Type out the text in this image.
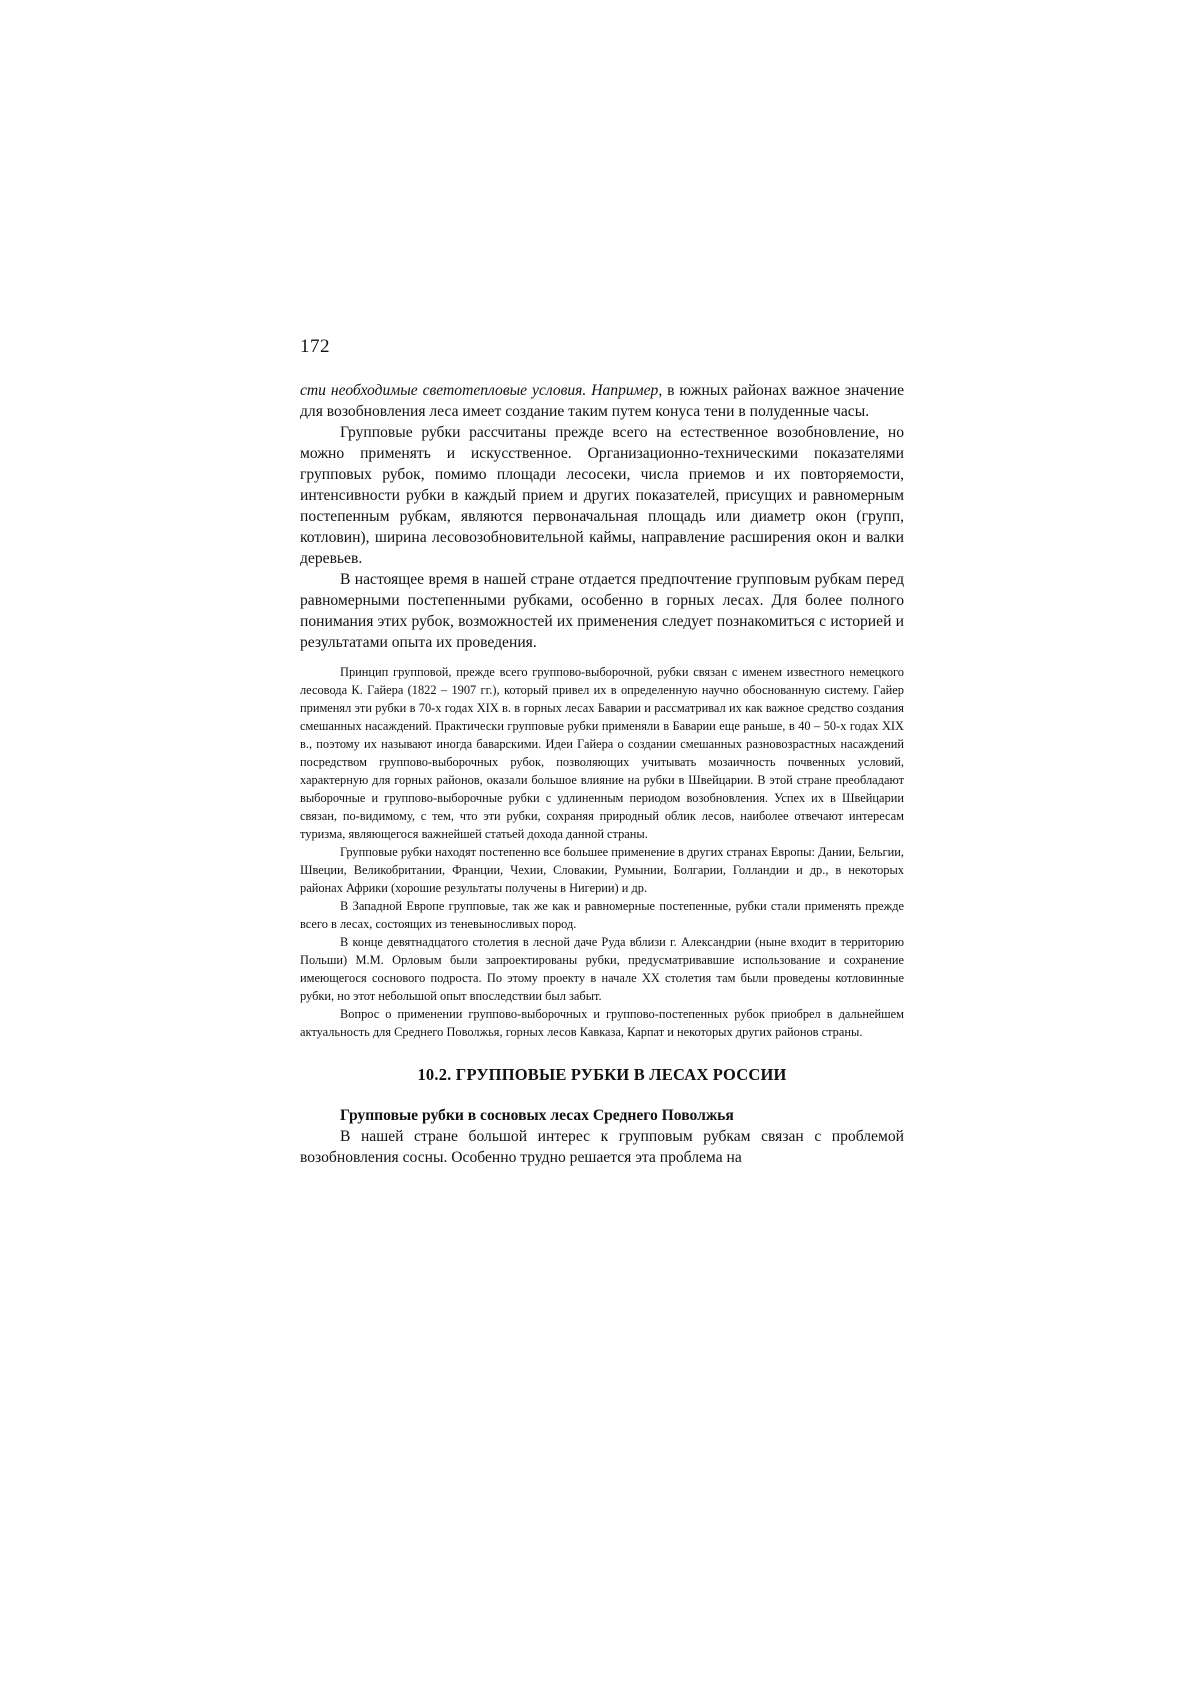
172

сти необходимые светотепловые условия. Например, в южных районах важное значение для возобновления леса имеет создание таким путем конуса тени в полуденные часы.

Групповые рубки рассчитаны прежде всего на естественное возобновление, но можно применять и искусственное. Организационно-техническими показателями групповых рубок, помимо площади лесосеки, числа приемов и их повторяемости, интенсивности рубки в каждый прием и других показателей, присущих и равномерным постепенным рубкам, являются первоначальная площадь или диаметр окон (групп, котловин), ширина лесовозобновительной каймы, направление расширения окон и валки деревьев.

В настоящее время в нашей стране отдается предпочтение групповым рубкам перед равномерными постепенными рубками, особенно в горных лесах. Для более полного понимания этих рубок, возможностей их применения следует познакомиться с историей и результатами опыта их проведения.

Принцип групповой, прежде всего группово-выборочной, рубки связан с именем известного немецкого лесовода К. Гайера (1822 – 1907 гг.), который привел их в определенную научно обоснованную систему. Гайер применял эти рубки в 70-х годах XIX в. в горных лесах Баварии и рассматривал их как важное средство создания смешанных насаждений. Практически групповые рубки применяли в Баварии еще раньше, в 40 – 50-х годах XIX в., поэтому их называют иногда баварскими. Идеи Гайера о создании смешанных разновозрастных насаждений посредством группово-выборочных рубок, позволяющих учитывать мозаичность почвенных условий, характерную для горных районов, оказали большое влияние на рубки в Швейцарии. В этой стране преобладают выборочные и группово-выборочные рубки с удлиненным периодом возобновления. Успех их в Швейцарии связан, по-видимому, с тем, что эти рубки, сохраняя природный облик лесов, наиболее отвечают интересам туризма, являющегося важнейшей статьей дохода данной страны.

Групповые рубки находят постепенно все большее применение в других странах Европы: Дании, Бельгии, Швеции, Великобритании, Франции, Чехии, Словакии, Румынии, Болгарии, Голландии и др., в некоторых районах Африки (хорошие результаты получены в Нигерии) и др.

В Западной Европе групповые, так же как и равномерные постепенные, рубки стали применять прежде всего в лесах, состоящих из теневыносливых пород.

В конце девятнадцатого столетия в лесной даче Руда вблизи г. Александрии (ныне входит в территорию Польши) М.М. Орловым были запроектированы рубки, предусматривавшие использование и сохранение имеющегося соснового подроста. По этому проекту в начале XX столетия там были проведены котловинные рубки, но этот небольшой опыт впоследствии был забыт.

Вопрос о применении группово-выборочных и группово-постепенных рубок приобрел в дальнейшем актуальность для Среднего Поволжья, горных лесов Кавказа, Карпат и некоторых других районов страны.

10.2. ГРУППОВЫЕ РУБКИ В ЛЕСАХ РОССИИ

Групповые рубки в сосновых лесах Среднего Поволжья

В нашей стране большой интерес к групповым рубкам связан с проблемой возобновления сосны. Особенно трудно решается эта проблема на
